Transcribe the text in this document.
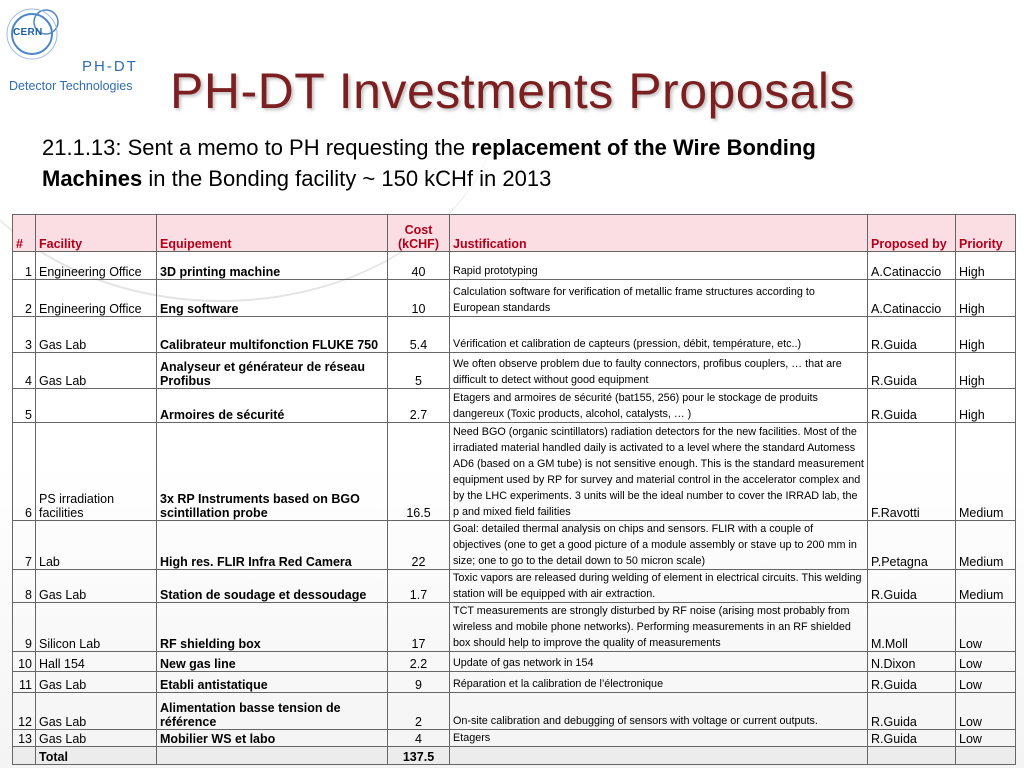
CERN
PH-DT
Detector Technologies PH-DT Investments Proposals
21.1.13: Sent a memo to PH requesting the replacement of the Wire Bonding Machines in the Bonding facility ~ 150 kCHf in 2013
#	Facility	Equipement	Cost (kCHF)	Justification	Proposed by	Priority
1	Engineering Office	3D printing machine	40	Rapid prototyping	A.Catinaccio	High
2	Engineering Office	Eng software	10	Calculation software for verification of metallic frame structures according to European standards	A.Catinaccio	High
3	Gas Lab	Calibrateur multifonction FLUKE 750	5.4	Vérification et calibration de capteurs (pression, débit, température, etc..)	R.Guida	High
4	Gas Lab	Analyseur et générateur de réseau Profibus	5	We often observe problem due to faulty connectors, profibus couplers, … that are difficult to detect without good equipment	R.Guida	High
5		Armoires de sécurité	2.7	Etagers and armoires de sécurité (bat155, 256) pour le stockage de produits dangereux (Toxic products, alcohol, catalysts, … )	R.Guida	High
6	PS irradiation facilities	3x RP Instruments based on BGO scintillation probe	16.5	Need BGO (organic scintillators) radiation detectors for the new facilities. Most of the irradiated material handled daily is activated to a level where the standard Automess AD6 (based on a GM tube) is not sensitive enough. This is the standard measurement equipment used by RP for survey and material control in the accelerator complex and by the LHC experiments. 3 units will be the ideal number to cover the IRRAD lab, the p and mixed field failities	F.Ravotti	Medium
7	Lab	High res. FLIR Infra Red Camera	22	Goal: detailed thermal analysis on chips and sensors. FLIR with a couple of objectives (one to get a good picture of a module assembly or stave up to 200 mm in size; one to go to the detail down to 50 micron scale)	P.Petagna	Medium
8	Gas Lab	Station de soudage et dessoudage	1.7	Toxic vapors are released during welding of element in electrical circuits. This welding station will be equipped with air extraction.	R.Guida	Medium
9	Silicon Lab	RF shielding box	17	TCT measurements are strongly disturbed by RF noise (arising most probably from wireless and mobile phone networks). Performing measurements in an RF shielded box should help to improve the quality of measurements	M.Moll	Low
10	Hall 154	New gas line	2.2	Update of gas network in 154	N.Dixon	Low
11	Gas Lab	Etabli antistatique	9	Réparation et la calibration de l’électronique	R.Guida	Low
12	Gas Lab	Alimentation basse tension de référence	2	On-site calibration and debugging of sensors with voltage or current outputs.	R.Guida	Low
13	Gas Lab	Mobilier WS et labo	4	Etagers	R.Guida	Low
	Total		137.5			
